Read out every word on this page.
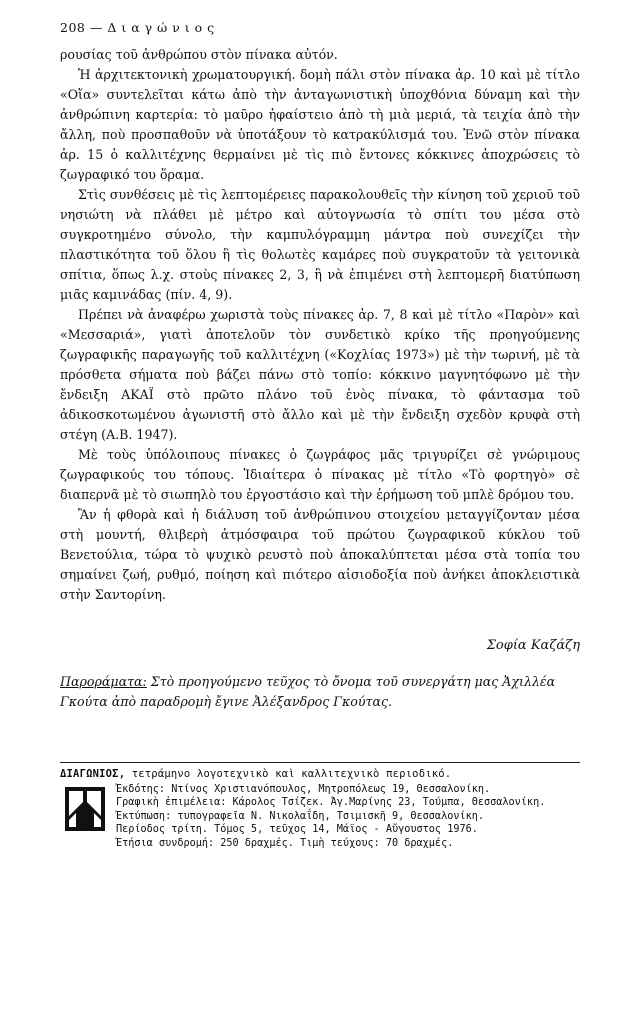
208 — Δ ι α γ ώ ν ι ο ς

ρουσίας τοῦ ἀνθρώπου στὸν πίνακα αὐτόν.

Ἡ ἀρχιτεκτονικὴ χρωματουργική. δομὴ πάλι στὸν πίνακα ἀρ. 10 καὶ μὲ τίτλο «Οἴα» συντελεῖται κάτω ἀπὸ τὴν ἀνταγωνιστικὴ ὑποχθόνια δύναμη καὶ τὴν ἀνθρώπινη καρτερία: τὸ μαῦρο ἡφαίστειο ἀπὸ τὴ μιὰ μεριά, τὰ τειχία ἀπὸ τὴν ἄλλη, ποὺ προσπαθοῦν νὰ ὑποτάξουν τὸ κατρακύλισμά του. Ἐνῶ στὸν πίνακα ἀρ. 15 ὁ καλλιτέχνης θερμαίνει μὲ τὶς πιὸ ἔντονες κόκκινες ἀποχρώσεις τὸ ζωγραφικό του ὅραμα.

Στὶς συνθέσεις μὲ τὶς λεπτομέρειες παρακολουθεῖς τὴν κίνηση τοῦ χεριοῦ τοῦ νησιώτη νὰ πλάθει μὲ μέτρο καὶ αὐτογνωσία τὸ σπίτι του μέσα στὸ συγκροτημένο σύνολο, τὴν καμπυλόγραμμη μάντρα ποὺ συνεχίζει τὴν πλαστικότητα τοῦ ὅλου ἢ τὶς θολωτὲς καμάρες ποὺ συγκρατοῦν τὰ γειτονικὰ σπίτια, ὅπως λ.χ. στοὺς πίνακες 2, 3, ἢ νὰ ἐπιμένει στὴ λεπτομερῆ διατύπωση μιᾶς καμινάδας (πίν. 4, 9).

Πρέπει νὰ ἀναφέρω χωριστὰ τοὺς πίνακες ἀρ. 7, 8 καὶ μὲ τίτλο «Παρὸν» καὶ «Μεσσαριά», γιατὶ ἀποτελοῦν τὸν συνδετικὸ κρίκο τῆς προηγούμενης ζωγραφικῆς παραγωγῆς τοῦ καλλιτέχνη («Κοχλίας 1973») μὲ τὴν τωρινή, μὲ τὰ πρόσθετα σήματα ποὺ βάζει πάνω στὸ τοπίο: κόκκινο μαγνητόφωνο μὲ τὴν ἔνδειξη ΑΚΑΪ στὸ πρῶτο πλάνο τοῦ ἑνὸς πίνακα, τὸ φάντασμα τοῦ ἀδικοσκοτωμένου ἀγωνιστῆ στὸ ἄλλο καὶ μὲ τὴν ἔνδειξη σχεδὸν κρυφὰ στὴ στέγη (Α.Β. 1947).

Μὲ τοὺς ὑπόλοιπους πίνακες ὁ ζωγράφος μᾶς τριγυρίζει σὲ γνώριμους ζωγραφικούς του τόπους. Ἰδιαίτερα ὁ πίνακας μὲ τίτλο «Τὸ φορτηγὸ» σὲ διαπερνᾶ μὲ τὸ σιωπηλὸ του ἐργοστάσιο καὶ τὴν ἐρήμωση τοῦ μπλὲ δρόμου του.

Ἂν ἡ φθορὰ καὶ ἡ διάλυση τοῦ ἀνθρώπινου στοιχείου μεταγγίζονταν μέσα στὴ μουντή, θλιβερὴ ἀτμόσφαιρα τοῦ πρώτου ζωγραφικοῦ κύκλου τοῦ Βενετούλια, τώρα τὸ ψυχικὸ ρευστὸ ποὺ ἀποκαλύπτεται μέσα στὰ τοπία του σημαίνει ζωή, ρυθμό, ποίηση καὶ πιότερο αἰσιοδοξία ποὺ ἀνήκει ἀποκλειστικὰ στὴν Σαντορίνη.

Σοφία Καζάζη
Παροράματα: Στὸ προηγούμενο τεῦχος τὸ ὄνομα τοῦ συνεργάτη μας Ἀχιλλέα Γκούτα ἀπὸ παραδρομὴ ἔγινε Ἀλέξανδρος Γκούτας.
ΔΙΑΓΩΝΙΟΣ, τετράμηνο λογοτεχνικὸ καὶ καλλιτεχνικὸ περιοδικό.
Ἐκδότης: Ντίνος Χριστιανόπουλος, Μητροπόλεως 19, Θεσσαλονίκη.
Γραφικὴ ἐπιμέλεια: Κάρολος Τσίζεκ. Ἀγ.Μαρίνης 23, Τούμπα, Θεσσαλονίκη.
Ἐκτύπωση: τυπογραφεῖα Ν. Νικολαΐδη, Τσιμισκῆ 9, Θεσσαλονίκη.
Περίοδος τρίτη. Τόμος 5, τεῦχος 14, Μάϊος - Αὔγουστος 1976.
Ἐτήσια συνδρομή: 250 δραχμές. Τιμὴ τεύχους: 70 δραχμές.
